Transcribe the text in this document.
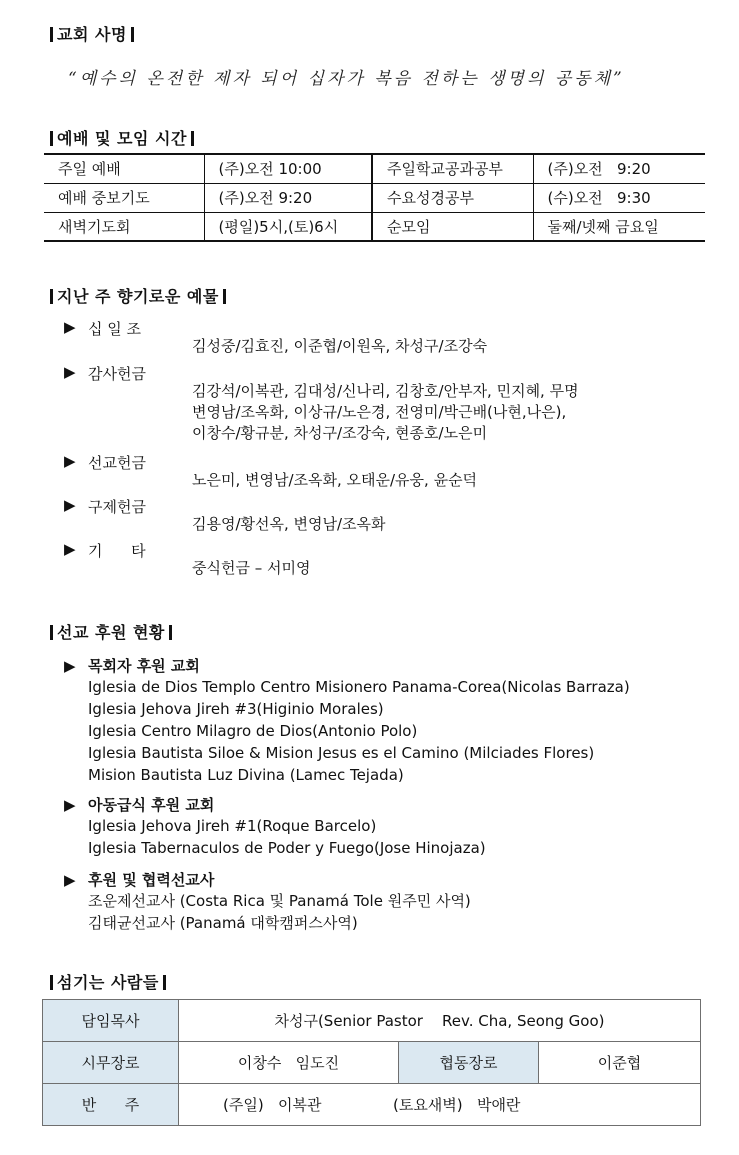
교회 사명
“예수의 온전한 제자 되어 십자가 복음 전하는 생명의 공동체”
예배 및 모임 시간
주일 예배	(주)오전 10:00	주일학교공과공부	(주)오전   9:20
예배 중보기도	(주)오전 9:20	수요성경공부	(수)오전   9:30
새벽기도회	(평일)5시,(토)6시	순모임	둘째/넷째 금요일
지난 주 향기로운 예물
▶ 십 일 조
김성중/김효진, 이준협/이원옥, 차성구/조강숙
▶ 감사헌금
김강석/이복관, 김대성/신나리, 김창호/안부자, 민지혜, 무명
변영남/조옥화, 이상규/노은경, 전영미/박근배(나현,나은),
이창수/황규분, 차성구/조강숙, 현종호/노은미
▶ 선교헌금
노은미, 변영남/조옥화, 오태운/유웅, 윤순덕
▶ 구제헌금
김용영/황선옥, 변영남/조옥화
▶ 기      타
중식헌금 – 서미영
선교 후원 현황
▶ 목회자 후원 교회
Iglesia de Dios Templo Centro Misionero Panama-Corea(Nicolas Barraza)
Iglesia Jehova Jireh #3(Higinio Morales)
Iglesia Centro Milagro de Dios(Antonio Polo)
Iglesia Bautista Siloe & Mision Jesus es el Camino (Milciades Flores)
Mision Bautista Luz Divina (Lamec Tejada)
▶ 아동급식 후원 교회
Iglesia Jehova Jireh #1(Roque Barcelo)
Iglesia Tabernaculos de Poder y Fuego(Jose Hinojaza)
▶ 후원 및 협력선교사
조운제선교사 (Costa Rica 및 Panamá Tole 원주민 사역)
김태균선교사 (Panamá 대학캠퍼스사역)
섬기는 사람들
담임목사	차성구(Senior Pastor    Rev. Cha, Seong Goo)		
시무장로	이창수   임도진	협동장로	이준협
반      주	(주일)   이복관               (토요새벽)   박애란		
